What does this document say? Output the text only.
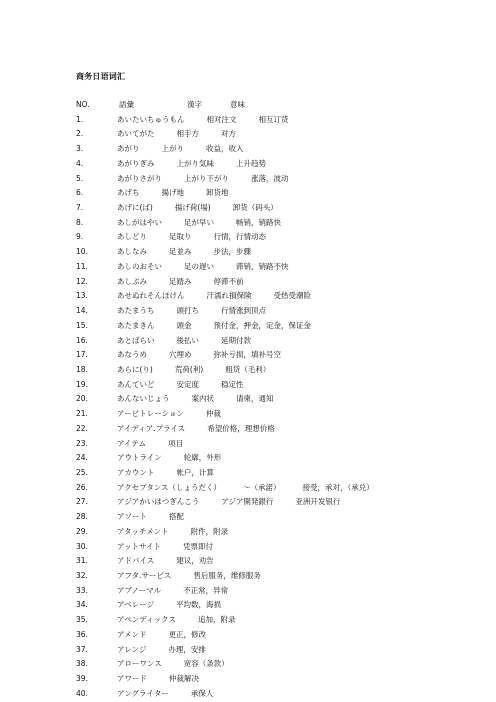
商务日语词汇
NO.	語彙	漢字	意味
1.	あいたいちゅうもん	相对注文	相互订货
2.	あいてがた	相手方	对方
3.	あがり	上がり	收益，收入
4.	あがりぎみ	上がり気味	上升趋势
5.	あがりさがり	上がり下がり	涨落，波动
6.	あげち	揚げ地	卸货地
7.	あげに(ば)	揚げ荷(場)	卸货（码头）
8.	あしがはやい	足が早い	畅销，销路快
9.	あしどり	足取り	行情，行情动态
10.	あしなみ	足並み	步法，步骤
11.	あしのおそい	足の遅い	滞销，销路不快
12.	あしぶみ	足踏み	停滞不前
13.	あせぬれそんほけん	汗濡れ損保険	受热受潮险
14.	あたまうち	頭打ち	行情涨到顶点
15.	あたまきん	頭金	预付金，押金，定金，保证金
16.	あとばらい	後払い	延期付款
17.	あなうめ	穴埋め	弥补亏损，填补号空
18.	あらに(り)	荒荷(利)	粗货（毛利）
19.	あんていど	安定度	稳定性
20.	あんないじょう	案内状	请柬，通知
21.	アービトレーション	仲裁
22.	アイディア.プライス	希望价格，理想价格
23.	アイテム	项目
24.	アウトライン	轮廓，外形
25.	アカウント	帐户，计算
26.	アクセプタンス（しょうだく）	～（承諾）	接受，承对，（承兑）
27.	アジアかいはつぎんこう	アジア開発銀行	亚洲开发银行
28.	アソート	搭配
29.	アタッチメント	附件，附录
30.	アットサイト	凭票即付
31.	アドバイス	建议，劝告
32.	アフタ.サービス	售后服务，维修服务
33.	アブノーマル	不正常，异常
34.	アベレージ	平均数，海损
35.	アペンディックス	追加，附录
36.	アメンド	更正，修改
37.	アレンジ	办理，安排
38.	アローワンス	宽容（条款）
39.	アワード	仲裁解决
40.	アングライター	承保人
